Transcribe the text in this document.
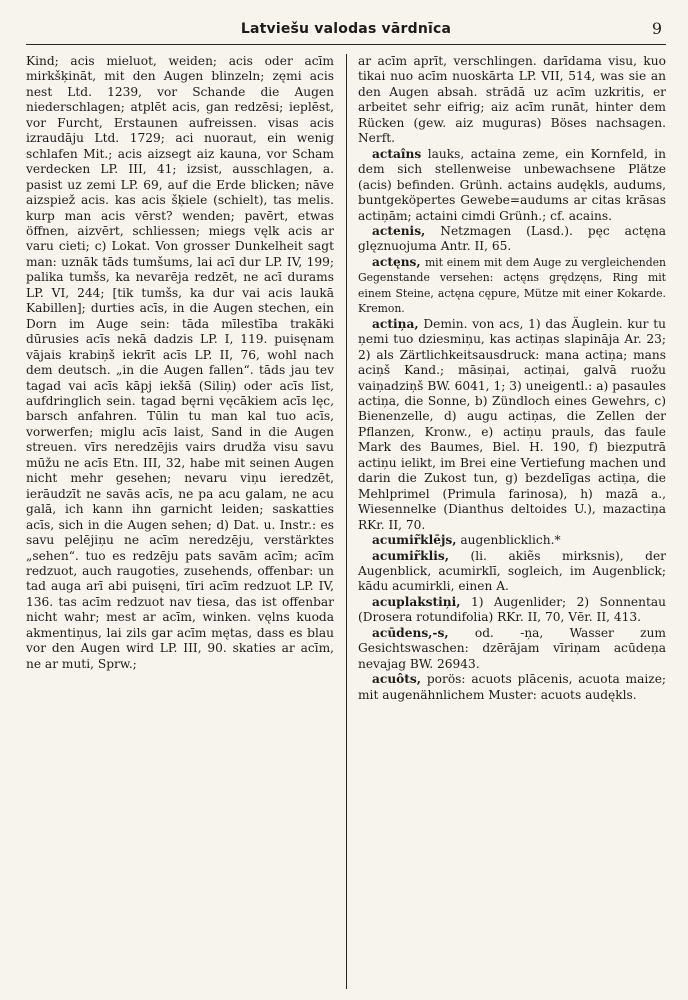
Latviešu valodas vārdnīca	9

Kind; acis mieluot, weiden; acis oder acīm mirkšķināt, mit den Augen blinzeln; zęmi acis nest Ltd. 1239, vor Schande die Augen niederschlagen; atplēt acis, gan redzēsi; ieplēst, vor Furcht, Erstaunen aufreissen. visas acis izraudāju Ltd. 1729; aci nuoraut, ein wenig schlafen Mit.; acis aizsegt aiz kauna, vor Scham verdecken LP. III, 41; izsist, ausschlagen, a. pasist uz zemi LP. 69, auf die Erde blicken; nāve aizspiež acis. kas acis šķiele (schielt), tas melis. kurp man acis vērst? wenden; pavērt, etwas öffnen, aizvērt, schliessen; miegs vęlk acis ar varu cieti; c) Lokat. Von grosser Dunkelheit sagt man: uznāk tāds tumšums, lai acī dur LP. IV, 199; palika tumšs, ka nevarēja redzēt, ne acī durams LP. VI, 244; [tik tumšs, ka dur vai acis laukā Kabillen]; durties acīs, in die Augen stechen, ein Dorn im Auge sein: tāda mīlestība trakāki dūrusies acīs nekā dadzis LP. I, 119. puisęnam vājais krabiņš iekrīt acīs LP. II, 76, wohl nach dem deutsch. „in die Augen fallen“. tāds jau tev tagad vai acīs kāpj iekšā (Siliņ) oder acīs līst, aufdringlich sein. tagad bęrni vęcākiem acīs lęc, barsch anfahren. Tūlin tu man kal tuo acīs, vorwerfen; miglu acīs laist, Sand in die Augen streuen. vīrs neredzējis vairs drudža visu savu mūžu ne acīs Etn. III, 32, habe mit seinen Augen nicht mehr gesehen; nevaru viņu ieredzēt, ierāudzīt ne savās acīs, ne pa acu galam, ne acu galā, ich kann ihn garnicht leiden; saskatties acīs, sich in die Augen sehen; d) Dat. u. Instr.: es savu pelējiņu ne acīm neredzēju, verstärktes „sehen“. tuo es redzēju pats savām acīm; acīm redzuot, auch raugoties, zusehends, offenbar: un tad auga arī abi puisęni, tīri acīm redzuot LP. IV, 136. tas acīm redzuot nav tiesa, das ist offenbar nicht wahr; mest ar acīm, winken. vęlns kuoda akmentiņus, lai zils gar acīm mętas, dass es blau vor den Augen wird LP. III, 90. skaties ar acīm, ne ar muti, Sprw.;

ar acīm aprīt, verschlingen. darīdama visu, kuo tikai nuo acīm nuoskārta LP. VII, 514, was sie an den Augen absah. strādā uz acīm uzkritis, er arbeitet sehr eifrig; aiz acīm runāt, hinter dem Rücken (gew. aiz muguras) Böses nachsagen. Nerft.

actaîns lauks, actaina zeme, ein Kornfeld, in dem sich stellenweise unbewachsene Plätze (acis) befinden. Grünh. actains audękls, audums, buntgeköpertes Gewebe=audums ar citas krāsas actiņām; actaini cimdi Grünh.; cf. acains.

actenis, Netzmagen (Lasd.). pęc actęna glęznuojuma Antr. II, 65.

actęns, mit einem mit dem Auge zu vergleichenden Gegenstande versehen: actęns grędzęns, Ring mit einem Steine, actęna cępure, Mütze mit einer Kokarde. Kremon.

actiņa, Demin. von acs, 1) das Äuglein. kur tu ņemi tuo dziesmiņu, kas actiņas slapināja Ar. 23; 2) als Zärtlichkeitsausdruck: mana actiņa; mans aciņš Kand.; māsiņai, actiņai, galvā ruožu vaiņadziņš BW. 6041, 1; 3) uneigentl.: a) pasaules actiņa, die Sonne, b) Zündloch eines Gewehrs, c) Bienenzelle, d) augu actiņas, die Zellen der Pflanzen, Kronw., e) actiņu prauls, das faule Mark des Baumes, Biel. H. 190, f) biezputrā actiņu ielikt, im Brei eine Vertiefung machen und darin die Zukost tun, g) bezdelīgas actiņa, die Mehlprimel (Primula farinosa), h) mazā a., Wiesennelke (Dianthus deltoides U.), mazactiņa RKr. II, 70.

acumir̃klējs, augenblicklich.*

acumir̃klis, (li. akiẽs mirksnis), der Augenblick, acumirklī, sogleich, im Augenblick; kādu acumirkli, einen A.

acuplakstiņi, 1) Augenlider; 2) Sonnentau (Drosera rotundifolia) RKr. II, 70, Vēr. II, 413.

acūdens,-s, od. -ņa, Wasser zum Gesichtswaschen: dzērājam vīriņam acūdeņa nevajag BW. 26943.

acuôts, porös: acuots plācenis, acuota maize; mit augenähnlichem Muster: acuots audękls.
